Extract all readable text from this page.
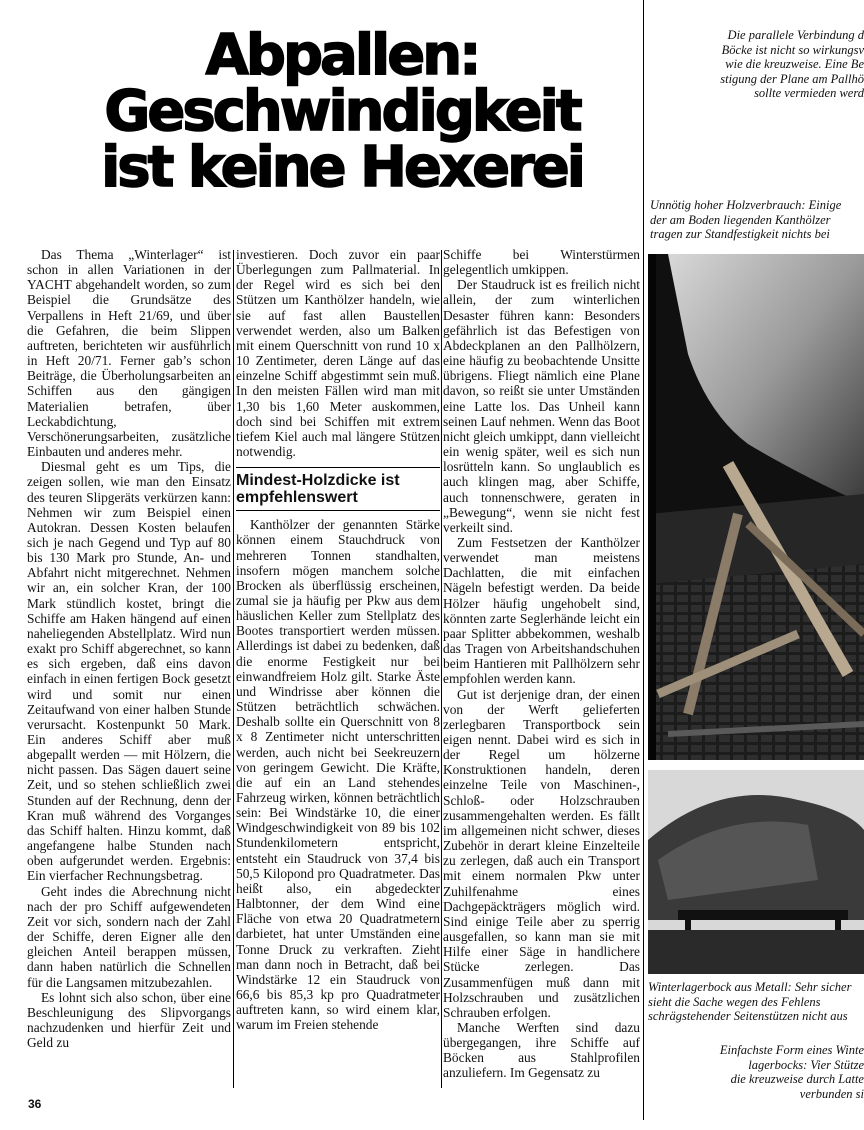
Abpallen:
Geschwindigkeit
ist keine Hexerei

Das Thema „Winterlager“ ist schon in allen Variationen in der YACHT abgehandelt worden, so zum Beispiel die Grundsätze des Verpallens in Heft 21/69, und über die Gefahren, die beim Slippen auftreten, berichteten wir ausführlich in Heft 20/71. Ferner gab’s schon Beiträge, die Überholungsarbeiten an Schiffen aus den gängigen Materialien betrafen, über Leckabdichtung, Verschönerungsarbeiten, zusätzliche Einbauten und anderes mehr.

Diesmal geht es um Tips, die zeigen sollen, wie man den Einsatz des teuren Slipgeräts verkürzen kann: Nehmen wir zum Beispiel einen Autokran. Dessen Kosten belaufen sich je nach Gegend und Typ auf 80 bis 130 Mark pro Stunde, An- und Abfahrt nicht mitgerechnet. Nehmen wir an, ein solcher Kran, der 100 Mark stündlich kostet, bringt die Schiffe am Haken hängend auf einen naheliegenden Abstellplatz. Wird nun exakt pro Schiff abgerechnet, so kann es sich ergeben, daß eins davon einfach in einen fertigen Bock gesetzt wird und somit nur einen Zeitaufwand von einer halben Stunde verursacht. Kostenpunkt 50 Mark. Ein anderes Schiff aber muß abgepallt werden — mit Hölzern, die nicht passen. Das Sägen dauert seine Zeit, und so stehen schließlich zwei Stunden auf der Rechnung, denn der Kran muß während des Vorganges das Schiff halten. Hinzu kommt, daß angefangene halbe Stunden nach oben aufgerundet werden. Ergebnis: Ein vierfacher Rechnungsbetrag.

Geht indes die Abrechnung nicht nach der pro Schiff aufgewendeten Zeit vor sich, sondern nach der Zahl der Schiffe, deren Eigner alle den gleichen Anteil berappen müssen, dann haben natürlich die Schnellen für die Langsamen mitzubezahlen.

Es lohnt sich also schon, über eine Beschleunigung des Slipvorgangs nachzudenken und hierfür Zeit und Geld zu

investieren. Doch zuvor ein paar Überlegungen zum Pallmaterial. In der Regel wird es sich bei den Stützen um Kanthölzer handeln, wie sie auf fast allen Baustellen verwendet werden, also um Balken mit einem Querschnitt von rund 10 x 10 Zentimeter, deren Länge auf das einzelne Schiff abgestimmt sein muß. In den meisten Fällen wird man mit 1,30 bis 1,60 Meter auskommen, doch sind bei Schiffen mit extrem tiefem Kiel auch mal längere Stützen notwendig.

Mindest-Holzdicke ist empfehlenswert

Kanthölzer der genannten Stärke können einem Stauchdruck von mehreren Tonnen standhalten, insofern mögen manchem solche Brocken als überflüssig erscheinen, zumal sie ja häufig per Pkw aus dem häuslichen Keller zum Stellplatz des Bootes transportiert werden müssen. Allerdings ist dabei zu bedenken, daß die enorme Festigkeit nur bei einwandfreiem Holz gilt. Starke Äste und Windrisse aber können die Stützen beträchtlich schwächen. Deshalb sollte ein Querschnitt von 8 x 8 Zentimeter nicht unterschritten werden, auch nicht bei Seekreuzern von geringem Gewicht. Die Kräfte, die auf ein an Land stehendes Fahrzeug wirken, können beträchtlich sein: Bei Windstärke 10, die einer Windgeschwindigkeit von 89 bis 102 Stundenkilometern entspricht, entsteht ein Staudruck von 37,4 bis 50,5 Kilopond pro Quadratmeter. Das heißt also, ein abgedeckter Halbtonner, der dem Wind eine Fläche von etwa 20 Quadratmetern darbietet, hat unter Umständen eine Tonne Druck zu verkraften. Zieht man dann noch in Betracht, daß bei Windstärke 12 ein Staudruck von 66,6 bis 85,3 kp pro Quadratmeter auftreten kann, so wird einem klar, warum im Freien stehende

Schiffe bei Winterstürmen gelegentlich umkippen.

Der Staudruck ist es freilich nicht allein, der zum winterlichen Desaster führen kann: Besonders gefährlich ist das Befestigen von Abdeckplanen an den Pallhölzern, eine häufig zu beobachtende Unsitte übrigens. Fliegt nämlich eine Plane davon, so reißt sie unter Umständen eine Latte los. Das Unheil kann seinen Lauf nehmen. Wenn das Boot nicht gleich umkippt, dann vielleicht ein wenig später, weil es sich nun losrütteln kann. So unglaublich es auch klingen mag, aber Schiffe, auch tonnenschwere, geraten in „Bewegung“, wenn sie nicht fest verkeilt sind.

Zum Festsetzen der Kanthölzer verwendet man meistens Dachlatten, die mit einfachen Nägeln befestigt werden. Da beide Hölzer häufig ungehobelt sind, könnten zarte Seglerhände leicht ein paar Splitter abbekommen, weshalb das Tragen von Arbeitshandschuhen beim Hantieren mit Pallhölzern sehr empfohlen werden kann.

Gut ist derjenige dran, der einen von der Werft gelieferten zerlegbaren Transportbock sein eigen nennt. Dabei wird es sich in der Regel um hölzerne Konstruktionen handeln, deren einzelne Teile von Maschinen-, Schloß- oder Holzschrauben zusammengehalten werden. Es fällt im allgemeinen nicht schwer, dieses Zubehör in derart kleine Einzelteile zu zerlegen, daß auch ein Transport mit einem normalen Pkw unter Zuhilfenahme eines Dachgepäckträgers möglich wird. Sind einige Teile aber zu sperrig ausgefallen, so kann man sie mit Hilfe einer Säge in handlichere Stücke zerlegen. Das Zusammenfügen muß dann mit Holzschrauben und zusätzlichen Schrauben erfolgen.

Manche Werften sind dazu übergegangen, ihre Schiffe auf Böcken aus Stahlprofilen anzuliefern. Im Gegensatz zu

36
Die parallele Verbindung d
Böcke ist nicht so wirkungsv
wie die kreuzweise. Eine Be
stigung der Plane am Pallhö
sollte vermieden werd
Unnötig hoher Holzverbrauch: Einige der am Boden liegenden Kanthölzer tragen zur Standfestigkeit nichts bei
Winterlagerbock aus Metall: Sehr sicher sieht die Sache wegen des Fehlens schrägstehender Seitenstützen nicht aus
Einfachste Form eines Winte
lagerbocks: Vier Stütze
die kreuzweise durch Latte
verbunden si
